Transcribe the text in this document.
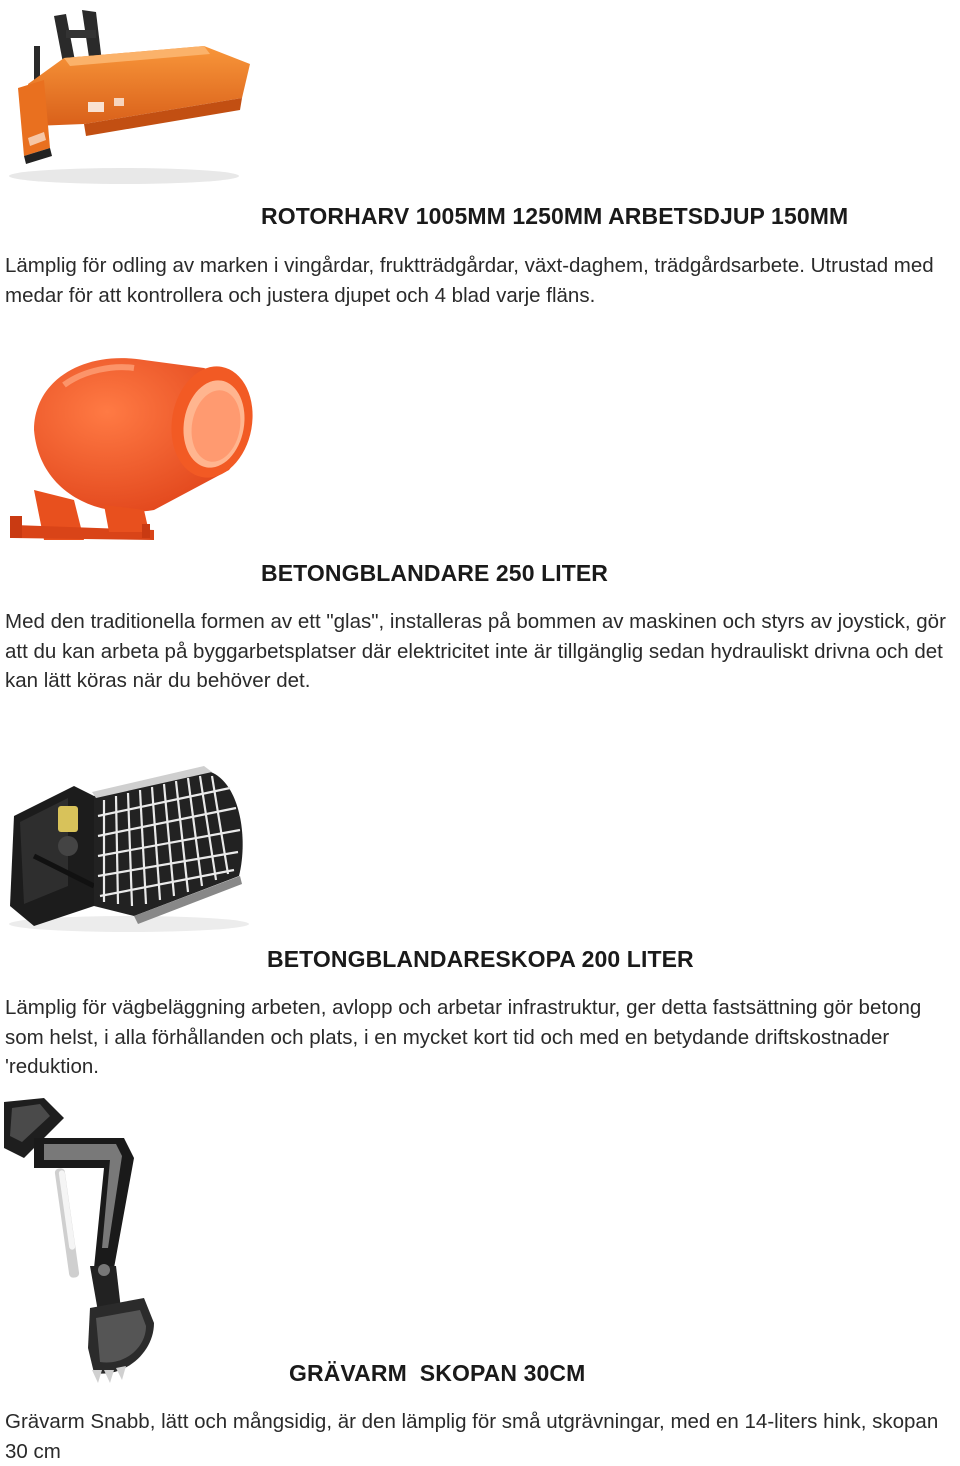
ROTORHARV 1005MM 1250MM ARBETSDJUP 150MM

Lämplig för odling av marken i vingårdar, fruktträdgårdar, växt-daghem, trädgårdsarbete. Utrustad med medar för att kontrollera och justera djupet och 4 blad varje fläns.

BETONGBLANDARE 250 LITER

Med den traditionella formen av ett "glas", installeras på bommen av maskinen och styrs av joystick, gör att du kan arbeta på byggarbetsplatser där elektricitet inte är tillgänglig sedan hydrauliskt drivna och det kan lätt köras när du behöver det.

BETONGBLANDARESKOPA 200 LITER

Lämplig för vägbeläggning arbeten, avlopp och arbetar infrastruktur, ger detta fastsättning gör betong som helst, i alla förhållanden och plats, i en mycket kort tid och med en betydande driftskostnader 'reduktion.

GRÄVARM  SKOPAN 30CM

Grävarm Snabb, lätt och mångsidig, är den lämplig för små utgrävningar, med en 14-liters hink, skopan 30 cm
